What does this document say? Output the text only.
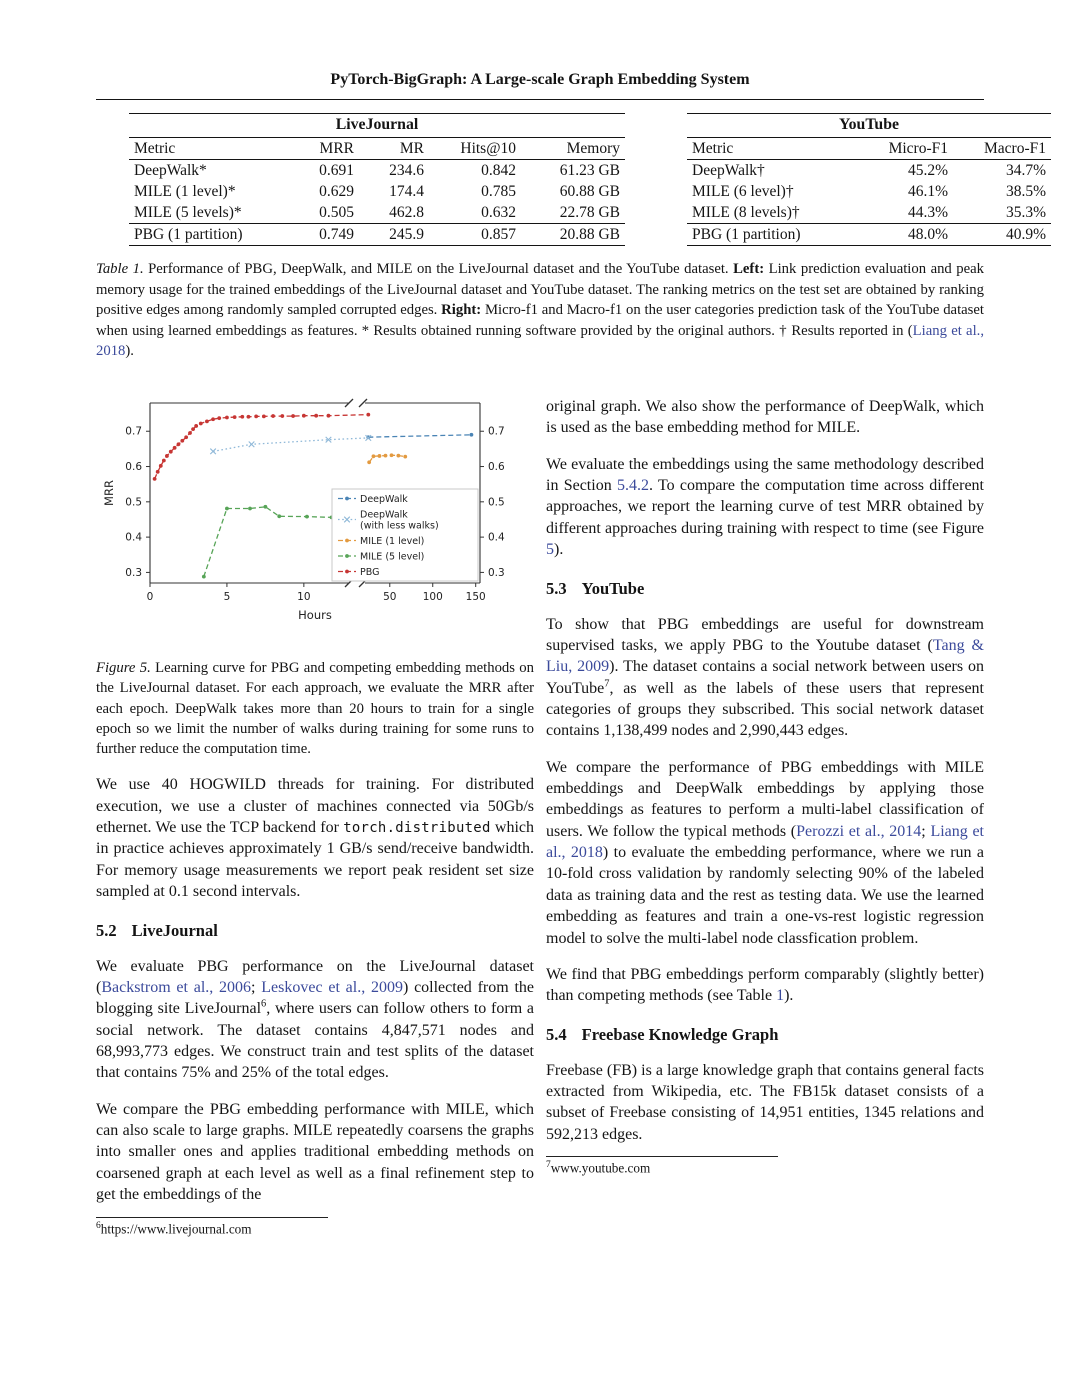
PyTorch-BigGraph: A Large-scale Graph Embedding System
LiveJournal				
Metric	MRR	MR	Hits@10	Memory
DeepWalk*	0.691	234.6	0.842	61.23 GB
MILE (1 level)*	0.629	174.4	0.785	60.88 GB
MILE (5 levels)*	0.505	462.8	0.632	22.78 GB
PBG (1 partition)	0.749	245.9	0.857	20.88 GB
YouTube		
Metric	Micro-F1	Macro-F1
DeepWalk†	45.2%	34.7%
MILE (6 level)†	46.1%	38.5%
MILE (8 levels)†	44.3%	35.3%
PBG (1 partition)	48.0%	40.9%

Table 1. Performance of PBG, DeepWalk, and MILE on the LiveJournal dataset and the YouTube dataset. Left: Link prediction evaluation and peak memory usage for the trained embeddings of the LiveJournal dataset and YouTube dataset. The ranking metrics on the test set are obtained by ranking positive edges among randomly sampled corrupted edges. Right: Micro-f1 and Macro-f1 on the user categories prediction task of the YouTube dataset when using learned embeddings as features. * Results obtained running software provided by the original authors. † Results reported in (Liang et al., 2018).

0	5	10	50	100 150
0.3	0.3
0.4	0.4
0.5	0.5
0.6	0.6
0.7	0.7
Hours
MRR	DeepWalk
DeepWalk
(with less walks)
MILE (1 level)
MILE (5 level)
PBG

Figure 5. Learning curve for PBG and competing embedding methods on the LiveJournal dataset. For each approach, we evaluate the MRR after each epoch. DeepWalk takes more than 20 hours to train for a single epoch so we limit the number of walks during training for some runs to further reduce the computation time.

We use 40 HOGWILD threads for training. For distributed execution, we use a cluster of machines connected via 50Gb/s ethernet. We use the TCP backend for torch.distributed which in practice achieves approximately 1 GB/s send/receive bandwidth. For memory usage measurements we report peak resident set size sampled at 0.1 second intervals.

5.2 LiveJournal

We evaluate PBG performance on the LiveJournal dataset (Backstrom et al., 2006; Leskovec et al., 2009) collected from the blogging site LiveJournal$^6$, where users can follow others to form a social network. The dataset contains 4,847,571 nodes and 68,993,773 edges. We construct train and test splits of the dataset that contains 75% and 25% of the total edges.

We compare the PBG embedding performance with MILE, which can also scale to large graphs. MILE repeatedly coarsens the graphs into smaller ones and applies traditional embedding methods on coarsened graph at each level as well as a final refinement step to get the embeddings of the

$^6$https://www.livejournal.com

original graph. We also show the performance of DeepWalk, which is used as the base embedding method for MILE.

We evaluate the embeddings using the same methodology described in Section 5.4.2. To compare the computation time across different approaches, we report the learning curve of test MRR obtained by different approaches during training with respect to time (see Figure 5).

5.3 YouTube

To show that PBG embeddings are useful for downstream supervised tasks, we apply PBG to the Youtube dataset (Tang & Liu, 2009). The dataset contains a social network between users on YouTube$^7$, as well as the labels of these users that represent categories of groups they subscribed. This social network dataset contains 1,138,499 nodes and 2,990,443 edges.

We compare the performance of PBG embeddings with MILE embeddings and DeepWalk embeddings by applying those embeddings as features to perform a multi-label classification of users. We follow the typical methods (Perozzi et al., 2014; Liang et al., 2018) to evaluate the embedding performance, where we run a 10-fold cross validation by randomly selecting 90% of the labeled data as training data and the rest as testing data. We use the learned embedding as features and train a one-vs-rest logistic regression model to solve the multi-label node classfication problem.

We find that PBG embeddings perform comparably (slightly better) than competing methods (see Table 1).

5.4 Freebase Knowledge Graph

Freebase (FB) is a large knowledge graph that contains general facts extracted from Wikipedia, etc. The FB15k dataset consists of a subset of Freebase consisting of 14,951 entities, 1345 relations and 592,213 edges.

$^7$www.youtube.com
